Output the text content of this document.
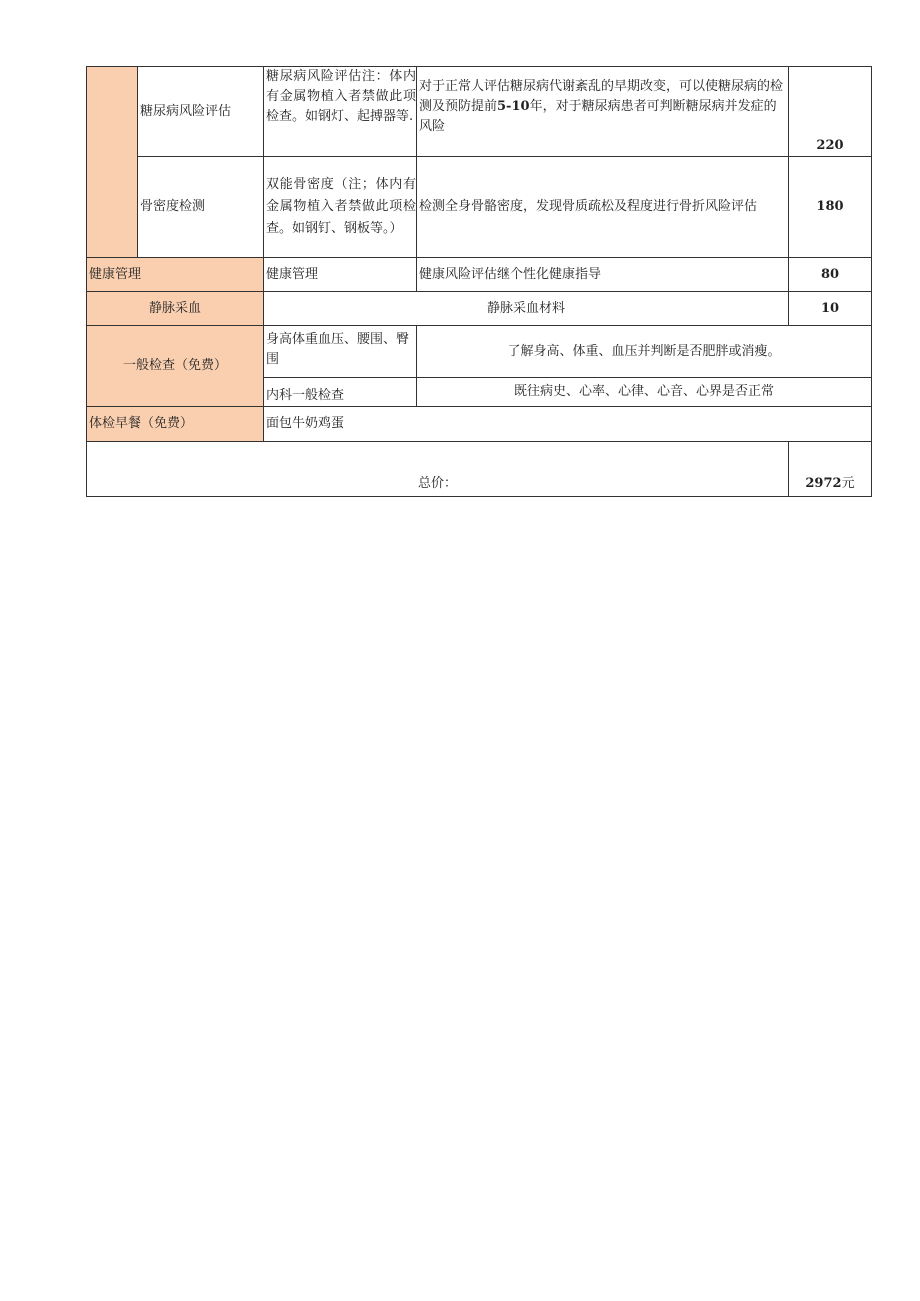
	糖尿病风险评估	糖尿病风险评估注：体内有金属物植入者禁做此项检查。如钢灯、起搏器等.	对于正常人评估糖尿病代谢紊乱的早期改变，可以使糖尿病的检测及预防提前5-10年，对于糖尿病患者可判断糖尿病并发症的风险	220
	骨密度检测	双能骨密度（注；体内有金属物植入者禁做此项检查。如钢钉、钢板等。）	检测全身骨骼密度，发现骨质疏松及程度进行骨折风险评估	180
健康管理		健康管理	健康风险评估继个性化健康指导	80
静脉采血		静脉采血材料		10
一般检查（免费）		身高体重血压、腰围、臀围	了解身高、体重、血压并判断是否肥胖或消瘦。	
		内科一般检查	既往病史、心率、心律、心音、心界是否正常	
体检早餐（免费）		面包牛奶鸡蛋		
总价：				2972元
